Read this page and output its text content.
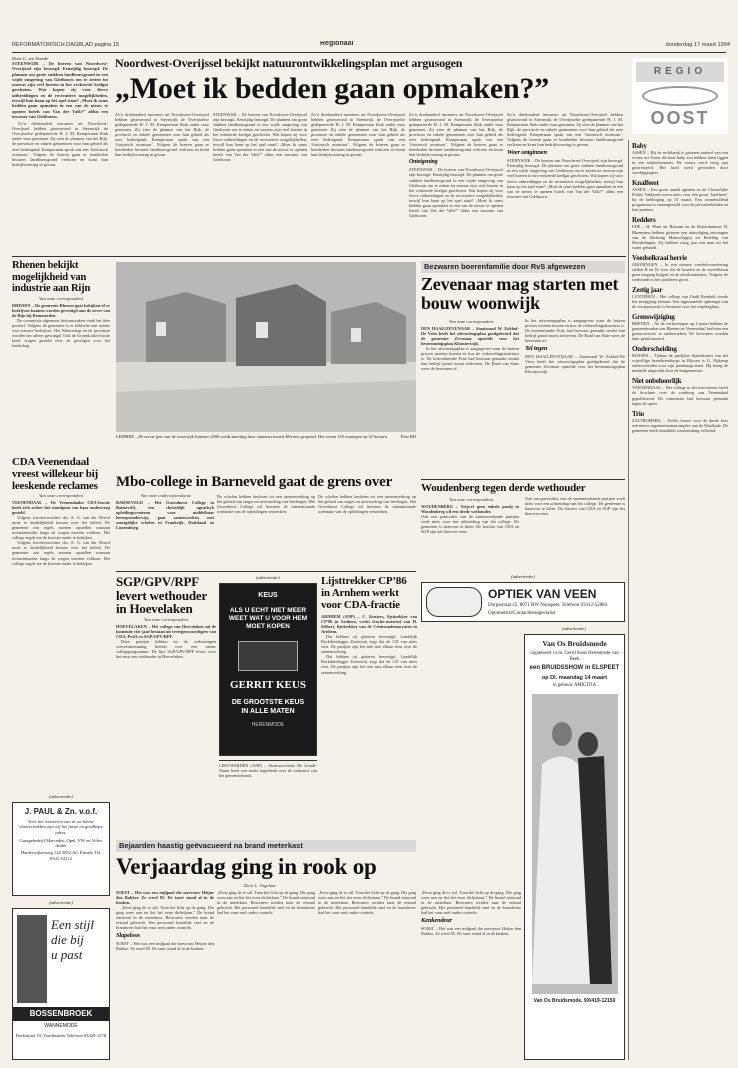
REFORMATORISCH DAGBLAD pagina 15	Regionaal	donderdag 17 maart 1994
REGIO
OOST
Door G. ten Voorde
STEENWIJK – De boeren van Noordwest-Overijssel zijn bezorgd. Eenzijdig bezorgd. De plannen om grote stukken landbouwgrond in een wijde omgeving van Giethoorn om te zetten tot moeras zijn veel boeren in het verkeerde keelgat geschoten. Wat kopen zij voor fierce uitbreidingen en de recreatieve mogelijkheden, terwijl hun baan op het spel staat? „Moet ik soms bedden gaan opmaken in een van de nieuw te openen hotels van Van der Valk?” aldus een inwoner van Giethoorn.
Zo’n driehonderd inwoners uit Noordwest-Overijssel hebben gisteravond in Steenwijk de Overijsselse gedeputeerde H. J. M. Kemperman flink onder vuur genomen. Zij zien de plannen van het Rijk, de provincie en enkele gemeenten voor hun gebied als zeer bedreigend. Kemperman sprak van een ‘historisch avontuur’. Volgens de boeren gaan er honderden hectares landbouwgrond verloren en komt hun bedrijfsvoering in gevaar.
Noordwest-Overijssel bekijkt natuurontwikkelingsplan met argusogen
„Moet ik bedden gaan opmaken?”
Zo’n driehonderd inwoners uit Noordwest-Overijssel hebben gisteravond in Steenwijk de Overijsselse gedeputeerde H. J. M. Kemperman flink onder vuur genomen. Zij zien de plannen van het Rijk, de provincie en enkele gemeenten voor hun gebied als zeer bedreigend. Kemperman sprak van een ‘historisch avontuur’. Volgens de boeren gaan er honderden hectares landbouwgrond verloren en komt hun bedrijfsvoering in gevaar.
STEENWIJK – De boeren van Noordwest-Overijssel zijn bezorgd. Eenzijdig bezorgd. De plannen om grote stukken landbouwgrond in een wijde omgeving van Giethoorn om te zetten tot moeras zijn veel boeren in het verkeerde keelgat geschoten. Wat kopen zij voor fierce uitbreidingen en de recreatieve mogelijkheden, terwijl hun baan op het spel staat? „Moet ik soms bedden gaan opmaken in een van de nieuw te openen hotels van Van der Valk?” aldus een inwoner van Giethoorn.
Zo’n driehonderd inwoners uit Noordwest-Overijssel hebben gisteravond in Steenwijk de Overijsselse gedeputeerde H. J. M. Kemperman flink onder vuur genomen. Zij zien de plannen van het Rijk, de provincie en enkele gemeenten voor hun gebied als zeer bedreigend. Kemperman sprak van een ‘historisch avontuur’. Volgens de boeren gaan er honderden hectares landbouwgrond verloren en komt hun bedrijfsvoering in gevaar.
Zo’n driehonderd inwoners uit Noordwest-Overijssel hebben gisteravond in Steenwijk de Overijsselse gedeputeerde H. J. M. Kemperman flink onder vuur genomen. Zij zien de plannen van het Rijk, de provincie en enkele gemeenten voor hun gebied als zeer bedreigend. Kemperman sprak van een ‘historisch avontuur’. Volgens de boeren gaan er honderden hectares landbouwgrond verloren en komt hun bedrijfsvoering in gevaar.
Onteigening
STEENWIJK – De boeren van Noordwest-Overijssel zijn bezorgd. Eenzijdig bezorgd. De plannen om grote stukken landbouwgrond in een wijde omgeving van Giethoorn om te zetten tot moeras zijn veel boeren in het verkeerde keelgat geschoten. Wat kopen zij voor fierce uitbreidingen en de recreatieve mogelijkheden, terwijl hun baan op het spel staat? „Moet ik soms bedden gaan opmaken in een van de nieuw te openen hotels van Van der Valk?” aldus een inwoner van Giethoorn.
Zo’n driehonderd inwoners uit Noordwest-Overijssel hebben gisteravond in Steenwijk de Overijsselse gedeputeerde H. J. M. Kemperman flink onder vuur genomen. Zij zien de plannen van het Rijk, de provincie en enkele gemeenten voor hun gebied als zeer bedreigend. Kemperman sprak van een ‘historisch avontuur’. Volgens de boeren gaan er honderden hectares landbouwgrond verloren en komt hun bedrijfsvoering in gevaar.
Weer ontginnen
STEENWIJK – De boeren van Noordwest-Overijssel zijn bezorgd. Eenzijdig bezorgd. De plannen om grote stukken landbouwgrond in een wijde omgeving van Giethoorn om te zetten tot moeras zijn veel boeren in het verkeerde keelgat geschoten. Wat kopen zij voor fierce uitbreidingen en de recreatieve mogelijkheden, terwijl hun baan op het spel staat? „Moet ik soms bedden gaan opmaken in een van de nieuw te openen hotels van Van der Valk?” aldus een inwoner van Giethoorn.
Baby
ASSEN – Bij de rechtbank is gisteren aanbod van een vrouw uit Assen die haar baby zou hebben laten liggen in een winkelcentrum. De vrouw werd vorig jaar gearresteerd. Het kind werd gevonden door voorbijgangers.
Knalfeest
ASSEN – Een groot aantal agenten en de Christelijke Politie Vakbond waren niets voor een groot ‘knalfeest’ bij de kenhoging op 31 maart. Een avondvullend programma is samengesteld voor de personeelsleden en hun partners.
Redders
EDE – H. Plant uit Bussum en de Rotterdammer H. Bloemsma hebben gisteren een uitnodiging ontvangen van de Stichting Maatschappij tot Redding van Drenkelingen. Zij hebben vorig jaar een man uit het water gehaald.
Voedselkraai herrie
GRONINGEN – In een nieuwe voedselvoorziening stellen B en W voor dat de kraaien en de zwerfdieren geen toegang krijgen tot de afvalcontainers. Volgens de wethouder is het probleem groot.
Zestig jaar
LUNTEREN – Het college van Oudd Reinholt vierde het zestigjarig bestaan. Een ingezamelde opbrengst van de voorjaarsactie is bestemd voor het verpleeghuis.
Grenswijziging
RHENEN – Na de verkiezingen op 2 maart hebben de gemeenteraden van Rhenen en Veenendaal besloten een grenscorrectie te onderzoeken. De bewoners worden later geïnformeerd.
Onderscheiding
RIJSSEN – Tijdens de jaarlijkse bijeenkomst van het vrijwillige brandweerkorps in Rijssen is G. Nijkamp onderscheiden voor zijn jarenlange inzet. Hij kreeg de medaille uitgereikt door de burgemeester.
Niet onbehoorlijk
VEENENDAAL – Het college in het niet-oneens heeft de brochure over de rondweg van Veenendaal gepubliceerd. De commissie had bezwaar gemaakt tegen de opzet.
Trio
ZALTBOMMEL – ProKo bouwt voor de derde keer een nieuw appartementencomplex aan de Waalkade. De gemeente heeft inmiddels toestemming verleend.
Rhenen bekijkt mogelijkheid van industrie aan Rijn
Van onze correspondent
RHENEN – De gemeente Rhenen gaat bekijken of er bedrijven kunnen worden gevestigd aan de oever van de Rijn bij Remmerden.
De commissie algemene bestuurszaken vindt het idee positief. Volgens de gemeente is er behoefte aan ruimte voor nieuwe bedrijven. Het Waterschap en de provincie worden om advies gevraagd. Ook de GroenLinks-fractie heeft vragen gesteld over de gevolgen voor het landschap.
LEMMER – De eerste fase van de woonwijk Lemmer 2000 wordt zaterdag door staatssecretaris Heerma geopend. Het omvat 134 woningen op 32 hectare.	Foto RD
Bezwaren boerenfamilie door RvS afgewezen
Zevenaar mag starten met bouw woonwijk
Van onze correspondent
DEN HAAG/ZEVENAAR – Staatsraad W. Eekhof-De Vries heeft het uitvoeringsplan goedgekeurd dat de gemeente Zevenaar opstelde voor het bestemmingsplan Kloosterwijk.
In het uitvoeringsplan is aangegeven waar de huizen precies moeten komen en hoe de verkavelingsstructuur is. De boerenfamilie Fritz had bezwaar gemaakt omdat hun bedrijf grond moest inleveren. De Raad van State wees de bezwaren af.
In het uitvoeringsplan is aangegeven waar de huizen precies moeten komen en hoe de verkavelingsstructuur is. De boerenfamilie Fritz had bezwaar gemaakt omdat hun bedrijf grond moest inleveren. De Raad van State wees de bezwaren af.
Tel tegen
DEN HAAG/ZEVENAAR – Staatsraad W. Eekhof-De Vries heeft het uitvoeringsplan goedgekeurd dat de gemeente Zevenaar opstelde voor het bestemmingsplan Kloosterwijk.
CDA Veenendaal vreest willekeur bij leeskende reclames
Van onze correspondent
VEENENDAAL – De Veenendaalse CDA-fractie heeft zich achter het standpunt van haar onderwerp gesteld.
Volgens fractievoorzitter drs. A. G. van der Woerd moet er duidelijkheid komen over het beleid. De gemeente zou regels moeten opstellen waaraan reclameborden langs de wegen moeten voldoen. Het college zegde toe de kwestie nader te bekijken.
Volgens fractievoorzitter drs. A. G. van der Woerd moet er duidelijkheid komen over het beleid. De gemeente zou regels moeten opstellen waaraan reclameborden langs de wegen moeten voldoen. Het college zegde toe de kwestie nader te bekijken.
Mbo-college in Barneveld gaat de grens over
Van onze onderwijsredactie
BARNEVELD – Het Groenhorst College in Barneveld, een christelijk agrarisch opleidingscentrum voor middelbaar beroepsonderwijs, gaat samenwerken met soortgelijke scholen in Frankrijk, Duitsland en Luxemburg.
De scholen hebben besloten tot een samenwerking op het gebied van stages en uitwisseling van leerlingen. Het Groenhorst College wil hiermee de internationale oriëntatie van de opleidingen versterken.
De scholen hebben besloten tot een samenwerking op het gebied van stages en uitwisseling van leerlingen. Het Groenhorst College wil hiermee de internationale oriëntatie van de opleidingen versterken.
Woudenberg tegen derde wethouder
Van onze correspondent
WOUDENBERG – Vrijwel geen enkele partij in Woudenberg wil een derde wethouder.
Ook een particulier van de samenwerkende partijen voelt niets voor een uitbreiding van het college. De gemeente is daarvoor te klein. De fracties van CDA en SGP zijn het hierover eens.
Ook een particulier van de samenwerkende partijen voelt niets voor een uitbreiding van het college. De gemeente is daarvoor te klein. De fracties van CDA en SGP zijn het hierover eens.
SGP/GPV/RPF levert wethouder in Hoevelaken
Van onze correspondent
HOEVELAKEN – Het college van Hoevelaken zal de komende vier jaar bestaan uit vertegenwoordigers van CDA, PvdA en SGP/GPV/RPF.
Deze partijen hebben na de verkiezingen overeenstemming bereikt over een nieuw collegeprogramma. De lijst SGP/GPV/RPF levert voor het eerst een wethouder in Hoevelaken.
LEEUWARDEN (ANP) – Staatssecretaris De Graaff-Nauta heeft een motie ingediend over de toekomst van het gemeentefonds.
(advertentie)
KEUS
ALS U ECHT NIET MEER WEET WAT U VOOR HEM MOET KOPEN
GERRIT KEUS
DE GROOTSTE KEUS IN ALLE MATEN
HERENMODE
Lijsttrekker CP’86 in Arnhem werkt voor CDA-fractie
ARNHEM (ANP) – C. Kusters, lijsttrekker van CP’86 in Arnhem, werkt fractie-assistent van H. Selbert, lijsttrekker van de Centrumdemocraten in Arnhem.
Dat hebben zij gisteren bevestigd. Landelijk Backdeeslegger Zoeteweij zegt dat de CD van niets wist. De partijen zijn het niet met elkaar eens over de samenwerking.
Dat hebben zij gisteren bevestigd. Landelijk Backdeeslegger Zoeteweij zegt dat de CD van niets wist. De partijen zijn het niet met elkaar eens over de samenwerking.
(advertentie)
OPTIEK VAN VEEN
Dorpsstraat 25, 8071 BW Nunspeet. Telefoon 03412-52884
Optometrist/Contactlensspecialist
(advertentie)
J. PAUL & Zn. v.o.f.
Voor het renoveren van al uw kleine elasvertrekken zijn wij het juiste en goedkope adres.
Garagebedrijf Mercedes, Opel, VW en Volvo dealer
Harderwijkerweg 124 3852 AG Ermelo Tel. 0341-52112
(advertentie)
Een stijl
die bij
u past
BOSSENBROEK
WANNEMODE
Kerkstraat 19, Voorthuizen Telefoon 03429-1278
Bejaarden haastig geëvacueerd na brand meterkast
Verjaardag ging in rook op
Door L. Vogelaar
SOEST – Het was een mijlpaal die mevrouw Heijne den Bakker. Ze werd 85. De taart stond al in de keuken.
„Eerst ging de tv stil. Toen het licht op de gang. Die ging weer aan en liet het even dichtslaan.” De brand ontstond in de meterkast. Bewoners werden naar de eetzaal gebracht. Het personeel handelde snel en de brandweer had het vuur snel onder controle.
Slapeloos
SOEST – Het was een mijlpaal die mevrouw Heijne den Bakker. Ze werd 85. De taart stond al in de keuken.
„Eerst ging de tv stil. Toen het licht op de gang. Die ging weer aan en liet het even dichtslaan.” De brand ontstond in de meterkast. Bewoners werden naar de eetzaal gebracht. Het personeel handelde snel en de brandweer had het vuur snel onder controle.
„Eerst ging de tv stil. Toen het licht op de gang. Die ging weer aan en liet het even dichtslaan.” De brand ontstond in de meterkast. Bewoners werden naar de eetzaal gebracht. Het personeel handelde snel en de brandweer had het vuur snel onder controle.
„Eerst ging de tv stil. Toen het licht op de gang. Die ging weer aan en liet het even dichtslaan.” De brand ontstond in de meterkast. Bewoners werden naar de eetzaal gebracht. Het personeel handelde snel en de brandweer had het vuur snel onder controle.
Kenkendeur
SOEST – Het was een mijlpaal die mevrouw Heijne den Bakker. Ze werd 85. De taart stond al in de keuken.
(advertentie)
Van Os Bruidsmode
organiseert i.s.m. Gerrit Keus Herenmode van Beek
een BRUIDSSHOW in ELSPEET
op DI. maandag 14 maart
in gebouw AMICITIA
Van Os Bruidsmode, 9X/419-12150
